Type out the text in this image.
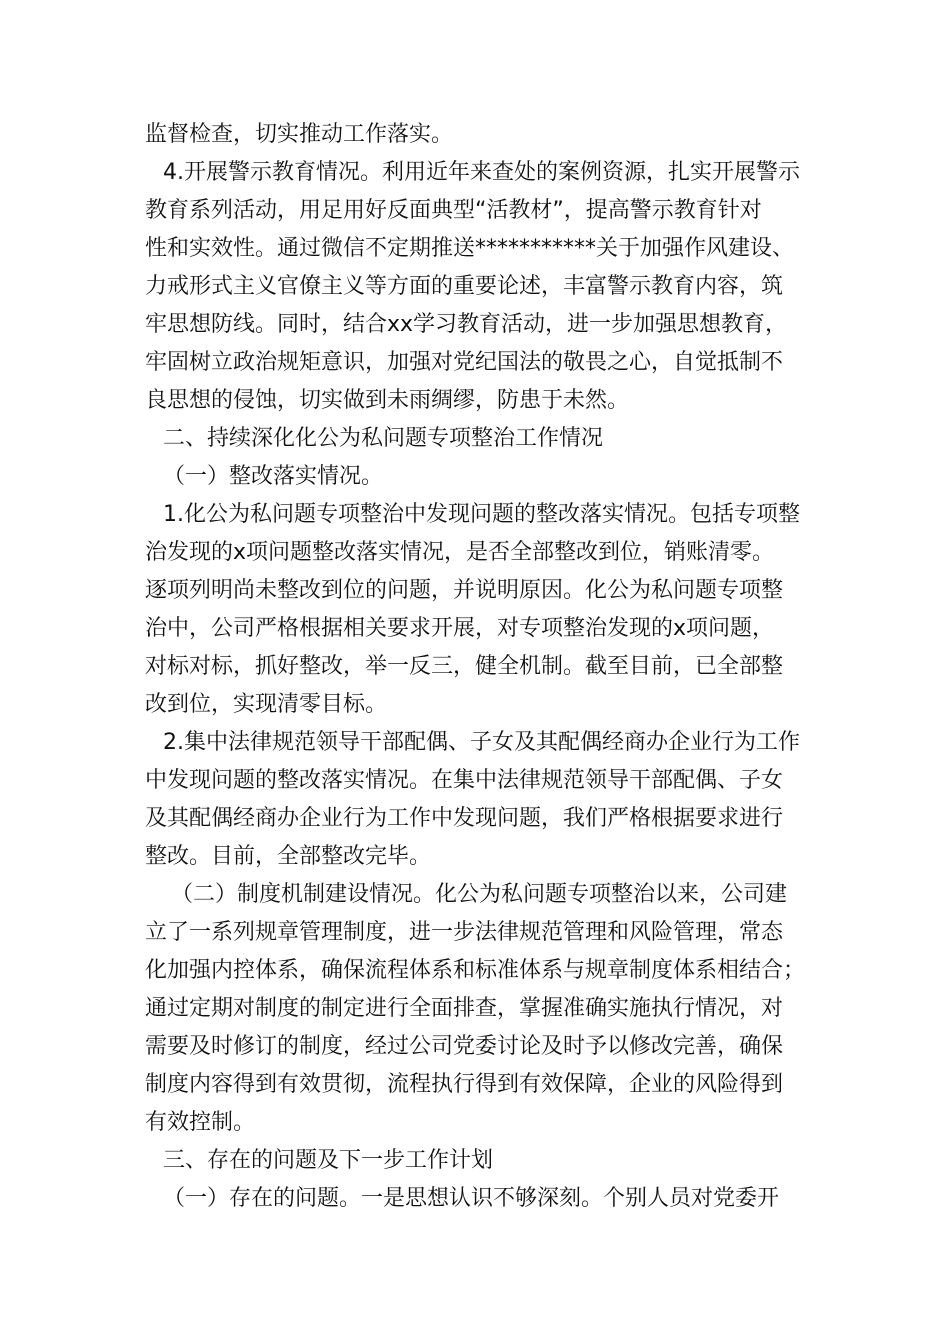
监督检查，切实推动工作落实。
4.开展警示教育情况。利用近年来查处的案例资源，扎实开展警示
教育系列活动，用足用好反面典型“活教材”，提高警示教育针对
性和实效性。通过微信不定期推送***********关于加强作风建设、
力戒形式主义官僚主义等方面的重要论述，丰富警示教育内容，筑
牢思想防线。同时，结合xx学习教育活动，进一步加强思想教育，
牢固树立政治规矩意识，加强对党纪国法的敬畏之心，自觉抵制不
良思想的侵蚀，切实做到未雨绸缪，防患于未然。
二、持续深化化公为私问题专项整治工作情况
（一）整改落实情况。
1.化公为私问题专项整治中发现问题的整改落实情况。包括专项整
治发现的x项问题整改落实情况，是否全部整改到位，销账清零。
逐项列明尚未整改到位的问题，并说明原因。化公为私问题专项整
治中，公司严格根据相关要求开展，对专项整治发现的x项问题，
对标对标，抓好整改，举一反三，健全机制。截至目前，已全部整
改到位，实现清零目标。
2.集中法律规范领导干部配偶、子女及其配偶经商办企业行为工作
中发现问题的整改落实情况。在集中法律规范领导干部配偶、子女
及其配偶经商办企业行为工作中发现问题，我们严格根据要求进行
整改。目前，全部整改完毕。
（二）制度机制建设情况。化公为私问题专项整治以来，公司建
立了一系列规章管理制度，进一步法律规范管理和风险管理，常态
化加强内控体系，确保流程体系和标准体系与规章制度体系相结合；
通过定期对制度的制定进行全面排查，掌握准确实施执行情况，对
需要及时修订的制度，经过公司党委讨论及时予以修改完善，确保
制度内容得到有效贯彻，流程执行得到有效保障，企业的风险得到
有效控制。
三、存在的问题及下一步工作计划
（一）存在的问题。一是思想认识不够深刻。个别人员对党委开
